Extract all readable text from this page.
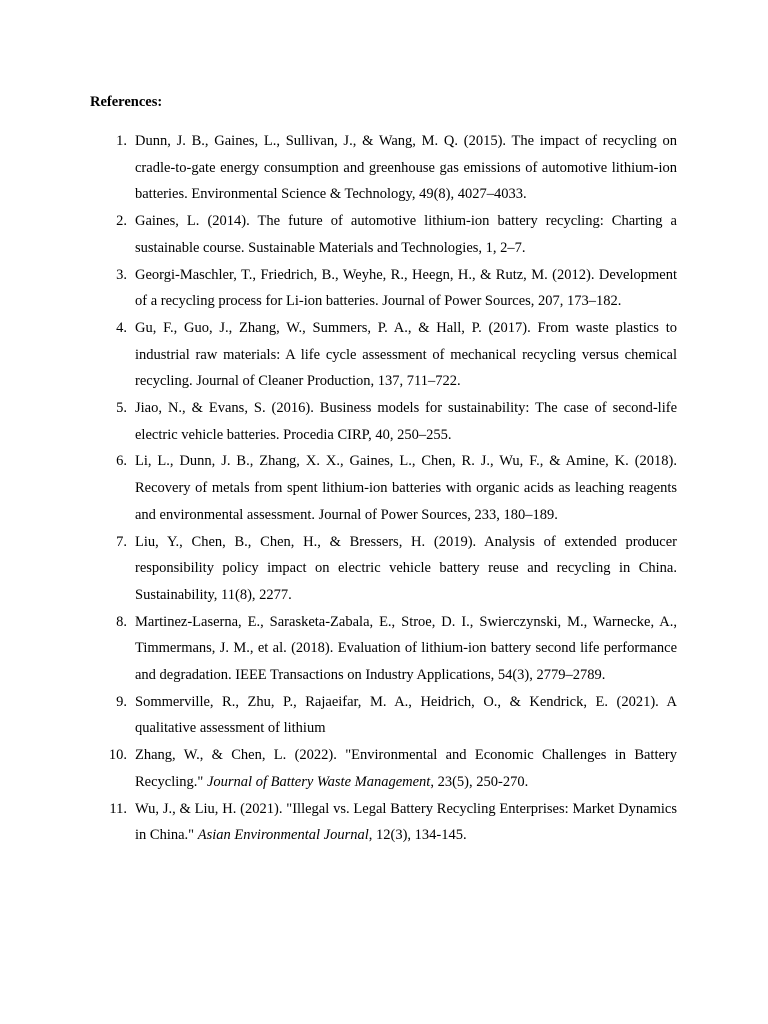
References:
1. Dunn, J. B., Gaines, L., Sullivan, J., & Wang, M. Q. (2015). The impact of recycling on cradle-to-gate energy consumption and greenhouse gas emissions of automotive lithium-ion batteries. Environmental Science & Technology, 49(8), 4027–4033.
2. Gaines, L. (2014). The future of automotive lithium-ion battery recycling: Charting a sustainable course. Sustainable Materials and Technologies, 1, 2–7.
3. Georgi-Maschler, T., Friedrich, B., Weyhe, R., Heegn, H., & Rutz, M. (2012). Development of a recycling process for Li-ion batteries. Journal of Power Sources, 207, 173–182.
4. Gu, F., Guo, J., Zhang, W., Summers, P. A., & Hall, P. (2017). From waste plastics to industrial raw materials: A life cycle assessment of mechanical recycling versus chemical recycling. Journal of Cleaner Production, 137, 711–722.
5. Jiao, N., & Evans, S. (2016). Business models for sustainability: The case of second-life electric vehicle batteries. Procedia CIRP, 40, 250–255.
6. Li, L., Dunn, J. B., Zhang, X. X., Gaines, L., Chen, R. J., Wu, F., & Amine, K. (2018). Recovery of metals from spent lithium-ion batteries with organic acids as leaching reagents and environmental assessment. Journal of Power Sources, 233, 180–189.
7. Liu, Y., Chen, B., Chen, H., & Bressers, H. (2019). Analysis of extended producer responsibility policy impact on electric vehicle battery reuse and recycling in China. Sustainability, 11(8), 2277.
8. Martinez-Laserna, E., Sarasketa-Zabala, E., Stroe, D. I., Swierczynski, M., Warnecke, A., Timmermans, J. M., et al. (2018). Evaluation of lithium-ion battery second life performance and degradation. IEEE Transactions on Industry Applications, 54(3), 2779–2789.
9. Sommerville, R., Zhu, P., Rajaeifar, M. A., Heidrich, O., & Kendrick, E. (2021). A qualitative assessment of lithium
10. Zhang, W., & Chen, L. (2022). "Environmental and Economic Challenges in Battery Recycling." Journal of Battery Waste Management, 23(5), 250-270.
11. Wu, J., & Liu, H. (2021). "Illegal vs. Legal Battery Recycling Enterprises: Market Dynamics in China." Asian Environmental Journal, 12(3), 134-145.
